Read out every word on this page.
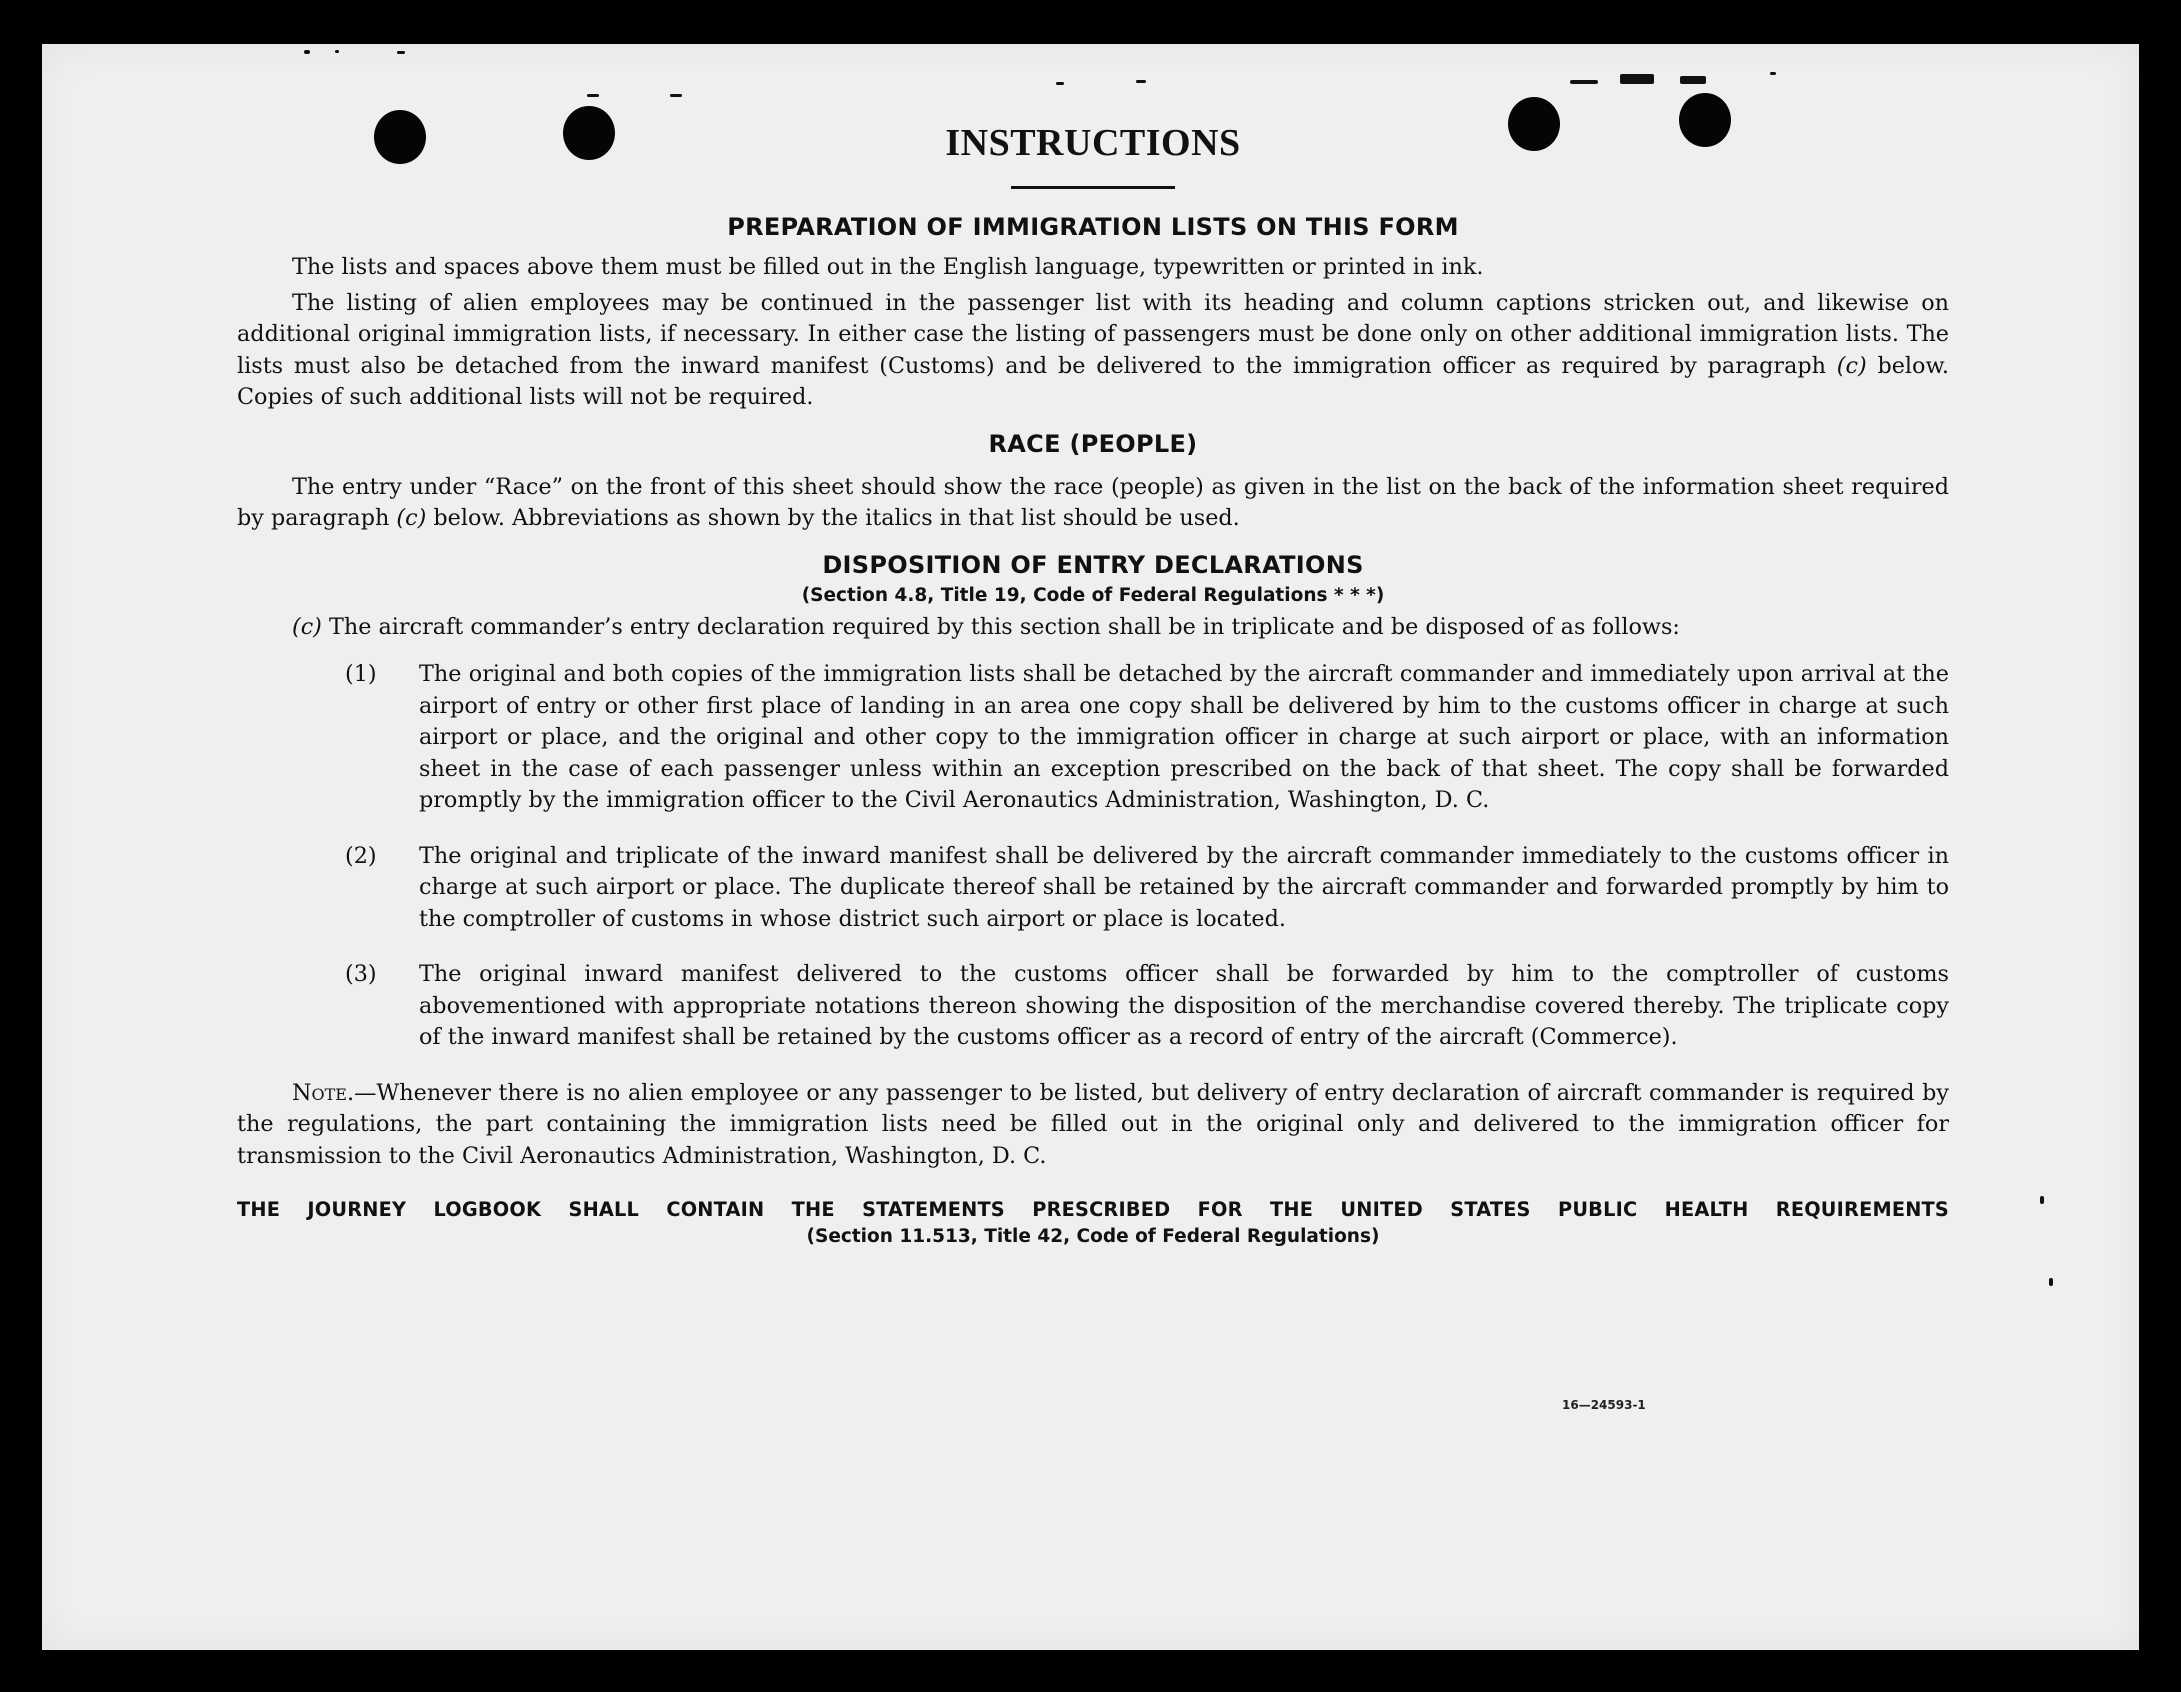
INSTRUCTIONS
PREPARATION OF IMMIGRATION LISTS ON THIS FORM

The lists and spaces above them must be filled out in the English language, typewritten or printed in ink.

The listing of alien employees may be continued in the passenger list with its heading and column captions stricken out, and likewise on additional original immigration lists, if necessary. In either case the listing of passengers must be done only on other additional immigration lists. The lists must also be detached from the inward manifest (Customs) and be delivered to the immigration officer as required by paragraph (c) below. Copies of such additional lists will not be required.

RACE (PEOPLE)

The entry under “Race” on the front of this sheet should show the race (people) as given in the list on the back of the information sheet required by paragraph (c) below. Abbreviations as shown by the italics in that list should be used.

DISPOSITION OF ENTRY DECLARATIONS
(Section 4.8, Title 19, Code of Federal Regulations * * *)

(c) The aircraft commander’s entry declaration required by this section shall be in triplicate and be disposed of as follows:

(1) The original and both copies of the immigration lists shall be detached by the aircraft commander and immediately upon arrival at the airport of entry or other first place of landing in an area one copy shall be delivered by him to the customs officer in charge at such airport or place, and the original and other copy to the immigration officer in charge at such airport or place, with an information sheet in the case of each passenger unless within an exception prescribed on the back of that sheet. The copy shall be forwarded promptly by the immigration officer to the Civil Aeronautics Administration, Washington, D. C.
(2) The original and triplicate of the inward manifest shall be delivered by the aircraft commander immediately to the customs officer in charge at such airport or place. The duplicate thereof shall be retained by the aircraft commander and forwarded promptly by him to the comptroller of customs in whose district such airport or place is located.
(3) The original inward manifest delivered to the customs officer shall be forwarded by him to the comptroller of customs abovementioned with appropriate notations thereon showing the disposition of the merchandise covered thereby. The triplicate copy of the inward manifest shall be retained by the customs officer as a record of entry of the aircraft (Commerce).

Note.—Whenever there is no alien employee or any passenger to be listed, but delivery of entry declaration of aircraft commander is required by the regulations, the part containing the immigration lists need be filled out in the original only and delivered to the immigration officer for transmission to the Civil Aeronautics Administration, Washington, D. C.

THE JOURNEY LOGBOOK SHALL CONTAIN THE STATEMENTS PRESCRIBED FOR THE UNITED STATES PUBLIC HEALTH REQUIREMENTS
(Section 11.513, Title 42, Code of Federal Regulations)
16—24593-1
